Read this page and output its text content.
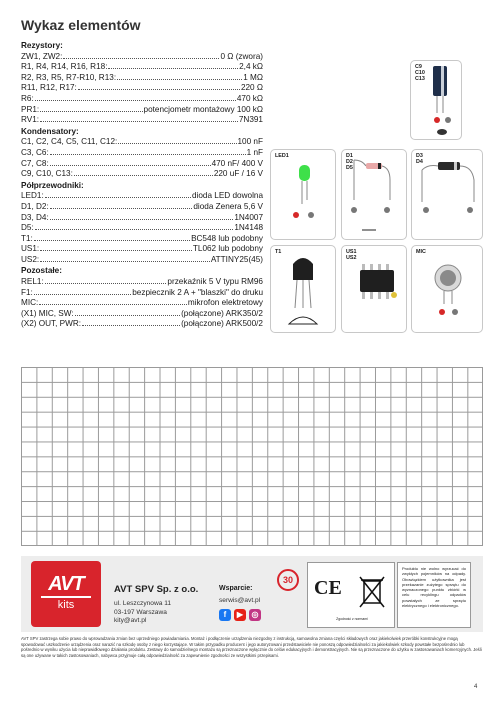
Wykaz elementów
Rezystory:
ZW1, ZW2:	0 Ω (zwora)
R1, R4, R14, R16, R18:	2,4 kΩ
R2, R3, R5, R7-R10, R13:	1 MΩ
R11, R12, R17:	220 Ω
R6:	470 kΩ
PR1:	potencjometr montażowy 100 kΩ
RV1:	7N391
Kondensatory:
C1, C2, C4, C5, C11, C12:	100 nF
C3, C6:	1 nF
C7, C8:	470 nF/ 400 V
C9, C10, C13:	220 uF / 16 V
Półprzewodniki:
LED1:	dioda LED dowolna
D1, D2:	dioda Zenera 5,6 V
D3, D4:	1N4007
D5:	1N4148
T1:	BC548 lub podobny
US1:	TL062 lub podobny
US2:	ATTINY25(45)
Pozostałe:
REL1:	przekaźnik 5 V typu RM96
F1:	bezpiecznik 2 A + "blaszki" do druku
MIC:	mikrofon elektretowy
(X1) MIC, SW:	(połączone) ARK350/2
(X2) OUT, PWR:	(połączone) ARK500/2
C9
C10
C13
LED1	D1
D2
D5
D3
D4
T1	US1
US2
MIC
AVT
kits
AVT SPV Sp. z o.o.
ul. Leszczynowa 11
03-197 Warszawa
kity@avt.pl
Wsparcie:
serwis@avt.pl
f	▶	◎
30	CE
Zgodność z normami
Produktu nie wolno wyrzucać do zwykłych pojemników na odpady. Obowiązkiem użytkownika jest przekazanie zużytego sprzętu do wyznaczonego punktu zbiórki w celu recyklingu odpadów powstałych ze sprzętu elektrycznego i elektronicznego.
AVT SPV zastrzega sobie prawo do wprowadzania zmian bez uprzedniego powiadamiania. Montaż i podłączenie urządzenia niezgodny z instrukcją, samowolna zmiana części składowych oraz jakiekolwiek przeróbki konstrukcyjne mogą spowodować uszkodzenie urządzenia oraz narazić na szkodę osoby z niego korzystające. W takim przypadku producent i jego autoryzowani przedstawiciele nie ponoszą odpowiedzialności za jakiekolwiek szkody powstałe bezpośrednio lub pośrednio w wyniku użycia lub nieprawidłowego działania produktu. Zestawy do samodzielnego montażu są przeznaczone wyłącznie do celów edukacyjnych i demonstracyjnych. Nie są przeznaczone do użytku w zastosowaniach komercyjnych. Jeśli są one używane w takich zastosowaniach, nabywca przyjmuje całą odpowiedzialność za zapewnienie zgodności ze wszystkimi przepisami.
4
